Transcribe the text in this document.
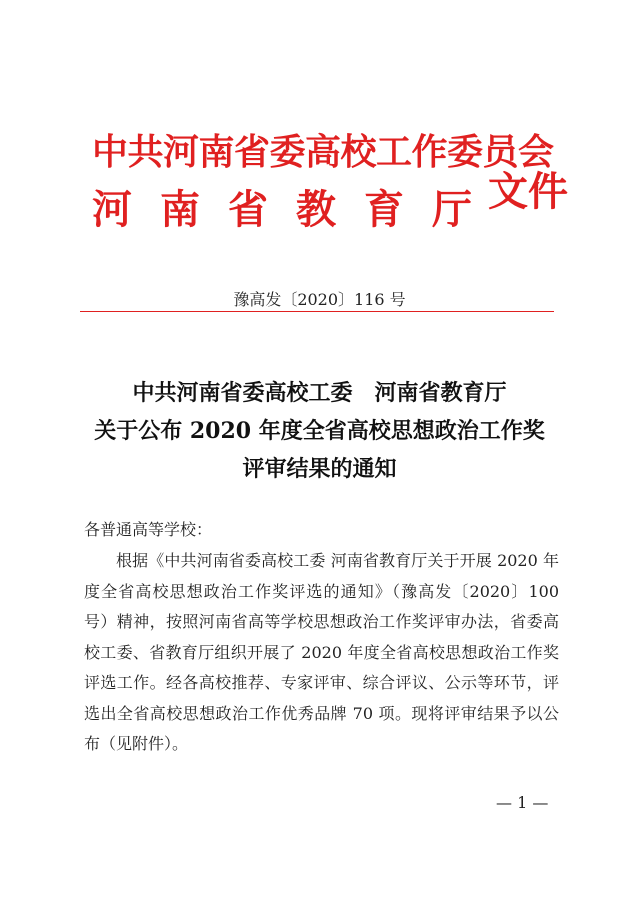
中共河南省委高校工作委员会
河南省教育厅
文件
豫高发〔2020〕116 号
中共河南省委高校工委　河南省教育厅
关于公布 2020 年度全省高校思想政治工作奖
评审结果的通知
各普通高等学校：
根据《中共河南省委高校工委 河南省教育厅关于开展 2020 年度全省高校思想政治工作奖评选的通知》（豫高发〔2020〕100 号）精神，按照河南省高等学校思想政治工作奖评审办法，省委高校工委、省教育厅组织开展了 2020 年度全省高校思想政治工作奖评选工作。经各高校推荐、专家评审、综合评议、公示等环节，评选出全省高校思想政治工作优秀品牌 70 项。现将评审结果予以公布（见附件）。
— 1 —
